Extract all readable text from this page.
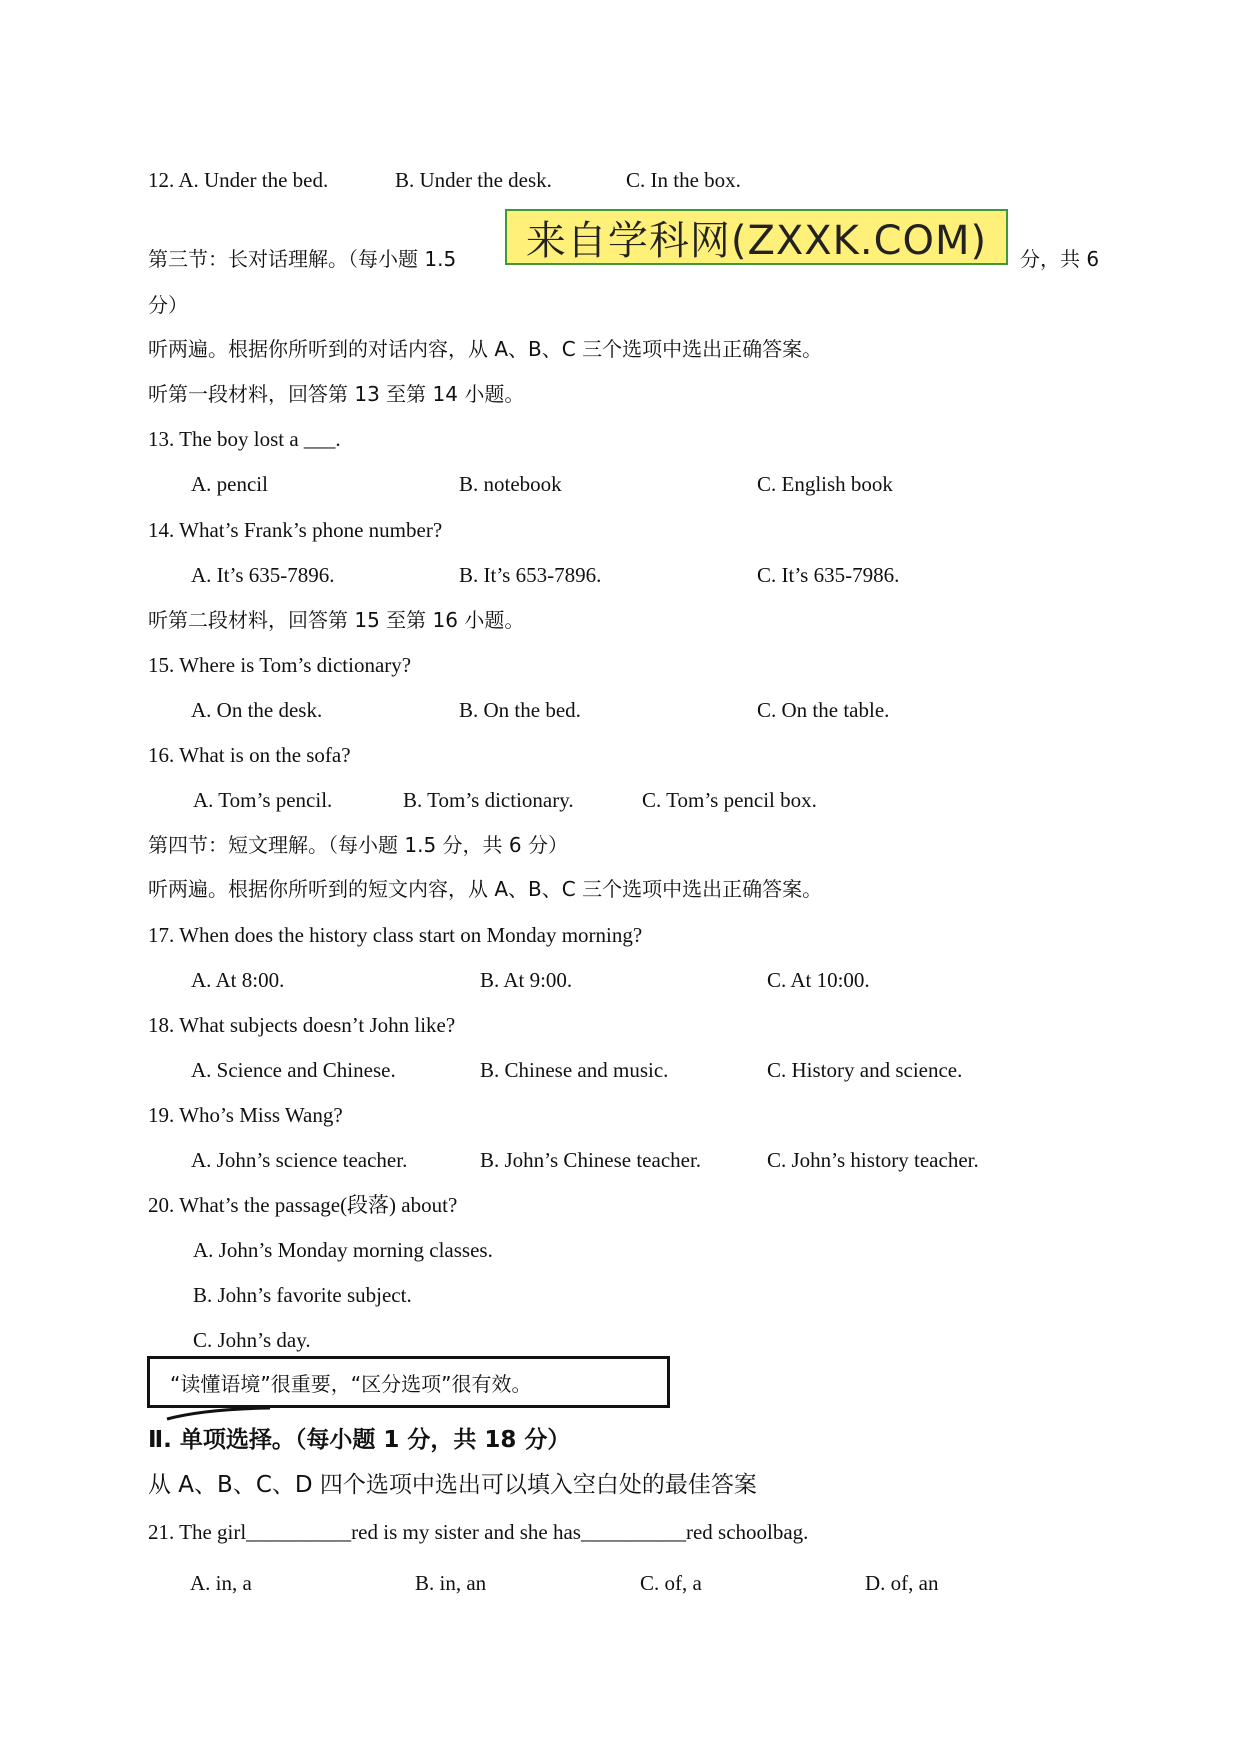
12. A. Under the bed.	B. Under the desk.	C. In the box.
第三节：长对话理解。（每小题 1.5	来自学科网(ZXXK.COM)	分，共 6
分）
听两遍。根据你所听到的对话内容，从 A、B、C 三个选项中选出正确答案。
听第一段材料，回答第 13 至第 14 小题。
13. The boy lost a ___.
A. pencil	B. notebook	C. English book
14. What’s Frank’s phone number?
A. It’s 635-7896.	B. It’s 653-7896.	C. It’s 635-7986.
听第二段材料，回答第 15 至第 16 小题。
15. Where is Tom’s dictionary?
A. On the desk.	B. On the bed.	C. On the table.
16. What is on the sofa?
A. Tom’s pencil.	B. Tom’s dictionary.	C. Tom’s pencil box.
第四节：短文理解。（每小题 1.5 分，共 6 分）
听两遍。根据你所听到的短文内容，从 A、B、C 三个选项中选出正确答案。
17. When does the history class start on Monday morning?
A. At 8:00.	B. At 9:00.	C. At 10:00.
18. What subjects doesn’t John like?
A. Science and Chinese.	B. Chinese and music.	C. History and science.
19. Who’s Miss Wang?
A. John’s science teacher.	B. John’s Chinese teacher.	C. John’s history teacher.
20. What’s the passage(段落) about?
A. John’s Monday morning classes.
B. John’s favorite subject.
C. John’s day.
“读懂语境”很重要，“区分选项”很有效。
Ⅱ. 单项选择。（每小题 1 分，共 18 分）
从 A、B、C、D 四个选项中选出可以填入空白处的最佳答案
21. The girl__________red is my sister and she has__________red schoolbag.
A. in, a	B. in, an	C. of, a	D. of, an
